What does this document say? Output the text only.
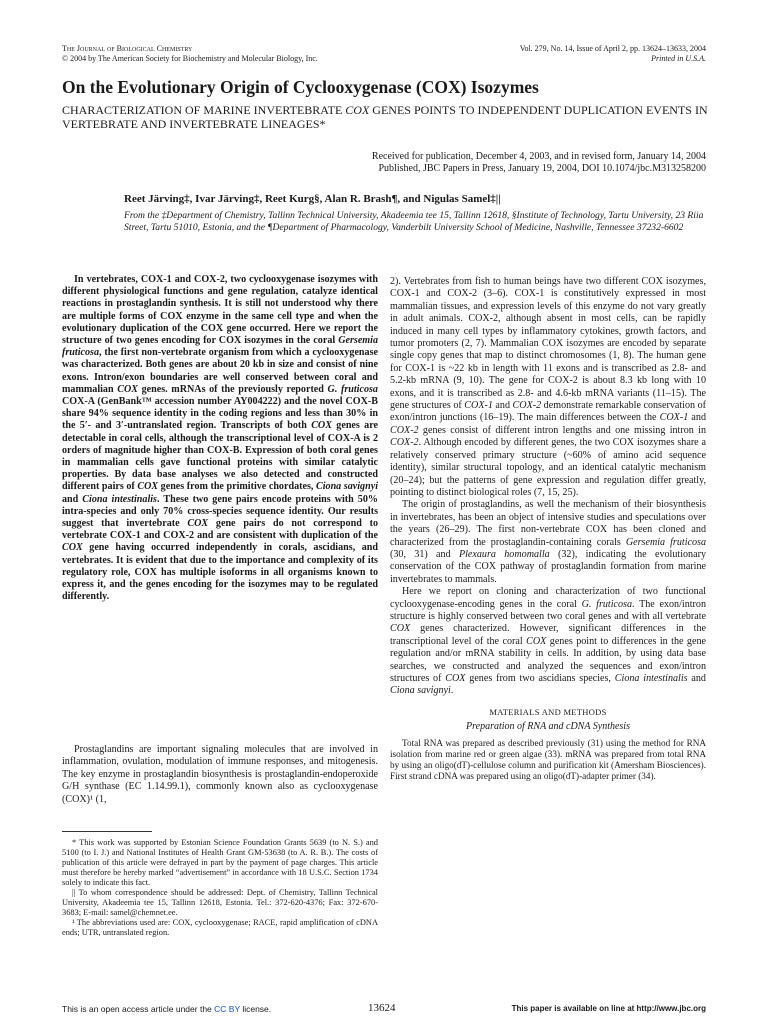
The Journal of Biological Chemistry
© 2004 by The American Society for Biochemistry and Molecular Biology, Inc.
Vol. 279, No. 14, Issue of April 2, pp. 13624–13633, 2004
Printed in U.S.A.
On the Evolutionary Origin of Cyclooxygenase (COX) Isozymes
CHARACTERIZATION OF MARINE INVERTEBRATE COX GENES POINTS TO INDEPENDENT DUPLICATION EVENTS IN VERTEBRATE AND INVERTEBRATE LINEAGES*
Received for publication, December 4, 2003, and in revised form, January 14, 2004
Published, JBC Papers in Press, January 19, 2004, DOI 10.1074/jbc.M313258200
Reet Järving‡, Ivar Järving‡, Reet Kurg§, Alan R. Brash¶, and Nigulas Samel‡||
From the ‡Department of Chemistry, Tallinn Technical University, Akadeemia tee 15, Tallinn 12618, §Institute of Technology, Tartu University, 23 Riia Street, Tartu 51010, Estonia, and the ¶Department of Pharmacology, Vanderbilt University School of Medicine, Nashville, Tennessee 37232-6602
In vertebrates, COX-1 and COX-2, two cyclooxygenase isozymes with different physiological functions and gene regulation, catalyze identical reactions in prostaglandin synthesis. It is still not understood why there are multiple forms of COX enzyme in the same cell type and when the evolutionary duplication of the COX gene occurred. Here we report the structure of two genes encoding for COX isozymes in the coral Gersemia fruticosa, the first non-vertebrate organism from which a cyclooxygenase was characterized. Both genes are about 20 kb in size and consist of nine exons. Intron/exon boundaries are well conserved between coral and mammalian COX genes. mRNAs of the previously reported G. fruticosa COX-A (GenBank™ accession number AY004222) and the novel COX-B share 94% sequence identity in the coding regions and less than 30% in the 5′- and 3′-untranslated region. Transcripts of both COX genes are detectable in coral cells, although the transcriptional level of COX-A is 2 orders of magnitude higher than COX-B. Expression of both coral genes in mammalian cells gave functional proteins with similar catalytic properties. By data base analyses we also detected and constructed different pairs of COX genes from the primitive chordates, Ciona savignyi and Ciona intestinalis. These two gene pairs encode proteins with 50% intra-species and only 70% cross-species sequence identity. Our results suggest that invertebrate COX gene pairs do not correspond to vertebrate COX-1 and COX-2 and are consistent with duplication of the COX gene having occurred independently in corals, ascidians, and vertebrates. It is evident that due to the importance and complexity of its regulatory role, COX has multiple isoforms in all organisms known to express it, and the genes encoding for the isozymes may to be regulated differently.
Prostaglandins are important signaling molecules that are involved in inflammation, ovulation, modulation of immune responses, and mitogenesis. The key enzyme in prostaglandin biosynthesis is prostaglandin-endoperoxide G/H synthase (EC 1.14.99.1), commonly known also as cyclooxygenase (COX)¹ (1,

* This work was supported by Estonian Science Foundation Grants 5639 (to N. S.) and 5100 (to I. J.) and National Institutes of Health Grant GM-53638 (to A. R. B.). The costs of publication of this article were defrayed in part by the payment of page charges. This article must therefore be hereby marked “advertisement” in accordance with 18 U.S.C. Section 1734 solely to indicate this fact.

|| To whom correspondence should be addressed: Dept. of Chemistry, Tallinn Technical University, Akadeemia tee 15, Tallinn 12618, Estonia. Tel.: 372-620-4376; Fax: 372-670-3683; E-mail: samel@chemnet.ee.

¹ The abbreviations used are: COX, cyclooxygenase; RACE, rapid amplification of cDNA ends; UTR, untranslated region.

2). Vertebrates from fish to human beings have two different COX isozymes, COX-1 and COX-2 (3–6). COX-1 is constitutively expressed in most mammalian tissues, and expression levels of this enzyme do not vary greatly in adult animals. COX-2, although absent in most cells, can be rapidly induced in many cell types by inflammatory cytokines, growth factors, and tumor promoters (2, 7). Mammalian COX isozymes are encoded by separate single copy genes that map to distinct chromosomes (1, 8). The human gene for COX-1 is ~22 kb in length with 11 exons and is transcribed as 2.8- and 5.2-kb mRNA (9, 10). The gene for COX-2 is about 8.3 kb long with 10 exons, and it is transcribed as 2.8- and 4.6-kb mRNA variants (11–15). The gene structures of COX-1 and COX-2 demonstrate remarkable conservation of exon/intron junctions (16–19). The main differences between the COX-1 and COX-2 genes consist of different intron lengths and one missing intron in COX-2. Although encoded by different genes, the two COX isozymes share a relatively conserved primary structure (~60% of amino acid sequence identity), similar structural topology, and an identical catalytic mechanism (20–24); but the patterns of gene expression and regulation differ greatly, pointing to distinct biological roles (7, 15, 25).

The origin of prostaglandins, as well the mechanism of their biosynthesis in invertebrates, has been an object of intensive studies and speculations over the years (26–29). The first non-vertebrate COX has been cloned and characterized from the prostaglandin-containing corals Gersemia fruticosa (30, 31) and Plexaura homomalla (32), indicating the evolutionary conservation of the COX pathway of prostaglandin formation from marine invertebrates to mammals.

Here we report on cloning and characterization of two functional cyclooxygenase-encoding genes in the coral G. fruticosa. The exon/intron structure is highly conserved between two coral genes and with all vertebrate COX genes characterized. However, significant differences in the transcriptional level of the coral COX genes point to differences in the gene regulation and/or mRNA stability in cells. In addition, by using data base searches, we constructed and analyzed the sequences and exon/intron structures of COX genes from two ascidians species, Ciona intestinalis and Ciona savignyi.

MATERIALS AND METHODS

Preparation of RNA and cDNA Synthesis

Total RNA was prepared as described previously (31) using the method for RNA isolation from marine red or green algae (33). mRNA was prepared from total RNA by using an oligo(dT)-cellulose column and purification kit (Amersham Biosciences). First strand cDNA was prepared using an oligo(dT)-adapter primer (34).

This is an open access article under the CC BY license.	13624	This paper is available on line at http://www.jbc.org
